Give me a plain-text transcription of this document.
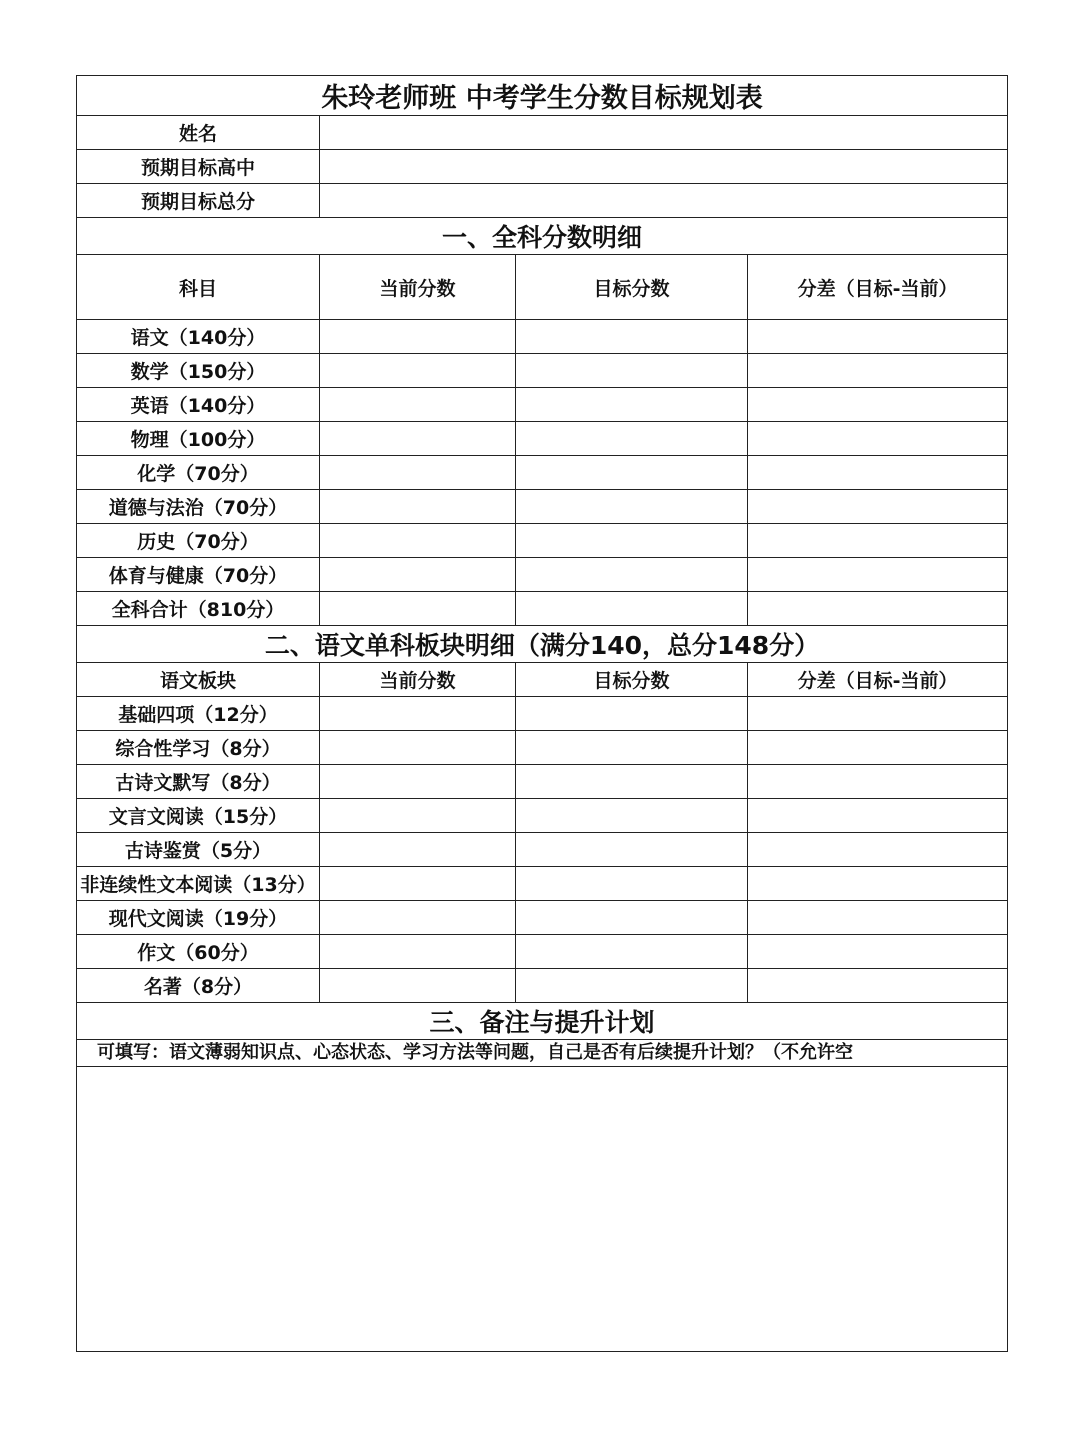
朱玲老师班 中考学生分数目标规划表			
姓名			
预期目标高中			
预期目标总分			
一、全科分数明细			
科目	当前分数	目标分数	分差（目标-当前）
语文（140分）			
数学（150分）			
英语（140分）			
物理（100分）			
化学（70分）			
道德与法治（70分）			
历史（70分）			
体育与健康（70分）			
全科合计（810分）			
二、语文单科板块明细（满分140，总分148分）			
语文板块	当前分数	目标分数	分差（目标-当前）
基础四项（12分）			
综合性学习（8分）			
古诗文默写（8分）			
文言文阅读（15分）			
古诗鉴赏（5分）			
非连续性文本阅读（13分）			
现代文阅读（19分）			
作文（60分）			
名著（8分）			
三、备注与提升计划			
可填写：语文薄弱知识点、心态状态、学习方法等问题，自己是否有后续提升计划？（不允许空			
